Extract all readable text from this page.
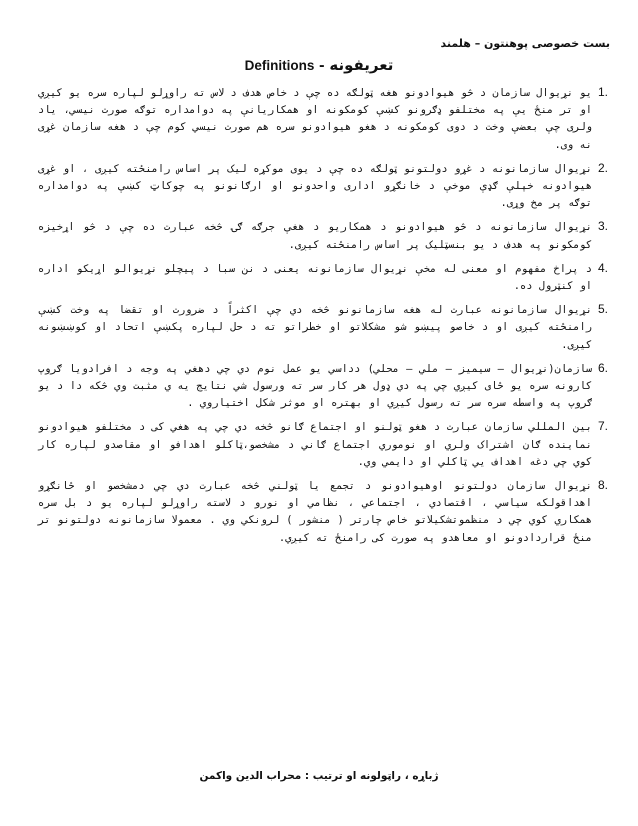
بست خصوصی پوهنتون – هلمند
Definitions - تعریفونه
1.
یو نړیوال سازمان د څو هیوادونو هغه ټولګه ده چې د خاص هدف د لاس ته راوړلو لپاره سره یو کیږي او تر منځ یې په مختلفو ډګرونو کښې کومکونه او همکاریانې په دوامداره توګه صورت نیسي، یاد ولری چې بعضې وخت د دوی کومکونه د هغو هیوادونو سره هم صورت نیسي کوم چې د هغه سازمان غړی نه وی.
2.
نړیوال سازمانونه د غړو دولتونو ټولګه ده چې د یوی موکړه لیک پر اساس رامنځته کیږی ، او غړی هیوادونه خپلې ګډې موخې د خانګړو اداری واحدونو او ارګانونو په چوکاټ کښې په دوامداره توګه پر مخ وړی.
3.
نړیوال سازمانونه د څو هیوادونو د همکاریو د هغې جرګه ګۍ څخه عبارت ده چې د څو اړخیزه کومکونو په هدف د یو بنسټلیک پر اساس رامنځته کیږی.
4.
د پراخ مفهوم او معنی له مخې نړیوال سازمانونه یعنی د نن سبا د پیچلو نړیوالو اړیکو اداره او کنټرول ده.
5.
نړیوال سازمانونه عبارت له هغه سازمانونو څخه دي چې اکثراً د ضرورت او تقضا په وخت کښې رامنځته کیږی او د خاصو پیښو شو مشکلاتو او خطراتو ته د حل لپاره پکښې اتحاد او کوښښونه کیږی.
6.
سازمان(نړیوال – سیمیز – ملي – محلي) دداسي يو عمل نوم دي چي دهغي په وجه د افرادويا ګروپ کارونه سره يو ځای کیږي چي په دي ډول هر کار سر ته ورسول شي نتايج يه ي مثبت وي څکه دا د يو ګروپ په واسطه سره سر ته رسول کيږي او بهتره او موثر شکل اختیاروي .
7.
بين المللي سازمان عبارت د هغو ټولنو او اجتماع ګانو څخه دي چي په هغي کی د مختلفو هيوادونو نماينده ګان اشتراک ولري او نوموري اجتماع ګاني د مشخصو،ټاکلو اهدافو او مقاصدو لپاره کار کوي چي دغه اهداف یي ټاکلي او دايمي وي.
8.
نړیوال سازمان دولتونو اوهیوادونو د تجمع یا ټولني څخه عبارت دي چي دمشخصو او ځانګړو اهداقولکه سیاسي ، اقتصادي ، اجتماعي ، نظامي او نورو د لاسته راوړلو لپاره يو د بل سره همکاري کوي چي د منظموتشکيلاتو خاص چارتر ( منشور ) لرونکي وي . معمولا سازمانونه دولتونو تر منځ قراردادونو او معاهدو په صورت کی رامنځ ته کيږي.
ژباړه ، راټولونه او ترتیب : محراب الدین واکمن
